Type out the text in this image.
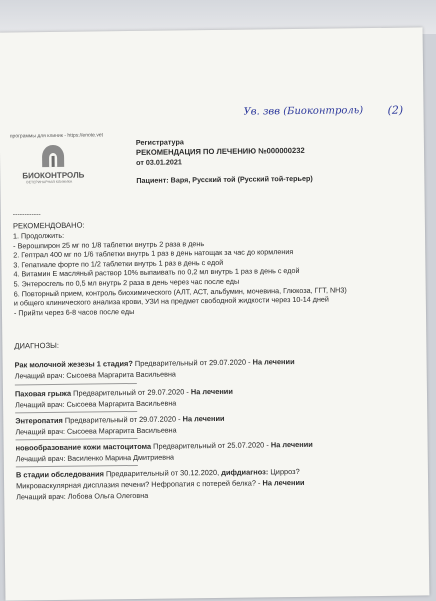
Ув. звв (Биоконтроль) (2)
программы для клиник - https://enote.vet
Регистратура
РЕКОМЕНДАЦИЯ ПО ЛЕЧЕНИЮ №000000232
от 03.01.2021
Пациент: Варя, Русский той (Русский той-терьер)
БИОКОНТРОЛЬ
ВЕТЕРИНАРНАЯ КЛИНИКА
------------
РЕКОМЕНДОВАНО:
1. Продолжить:
- Верошпирон 25 мг по 1/8 таблетки внутрь 2 раза в день
2. Гептрал 400 мг по 1/6 таблетки внутрь 1 раз в день натощак за час до кормления
3. Гепатиале форте по 1/2 таблетки внутрь 1 раз в день с едой
4. Витамин Е масляный раствор 10% выпаивать по 0,2 мл внутрь 1 раз в день с едой
5. Энтеросгель по 0,5 мл внутрь 2 раза в день через час после еды
6. Повторный прием, контроль биохимического (АЛТ, АСТ, альбумин, мочевина, Глюкоза, ГГТ, NH3)
и общего клинического анализа крови, УЗИ на предмет свободной жидкости через 10-14 дней
- Прийти через 6-8 часов после еды
ДИАГНОЗЫ:
Рак молочной жезезы 1 стадия? Предварительный от 29.07.2020 - На лечении
Лечащий врач: Сысоева Маргарита Васильевна
Паховая грыжа Предварительный от 29.07.2020 - На лечении
Лечащий врач: Сысоева Маргарита Васильевна
Энтеропатия Предварительный от 29.07.2020 - На лечении
Лечащий врач: Сысоева Маргарита Васильевна
новообразование кожи мастоцитома Предварительный от 25.07.2020 - На лечении
Лечащий врач: Василенко Марина Дмитриевна
В стадии обследования Предварительный от 30.12.2020, дифдиагноз: Цирроз?
Микроваскулярная дисплазия печени? Нефропатия с потерей белка? - На лечении
Лечащий врач: Лобова Ольга Олеговна
